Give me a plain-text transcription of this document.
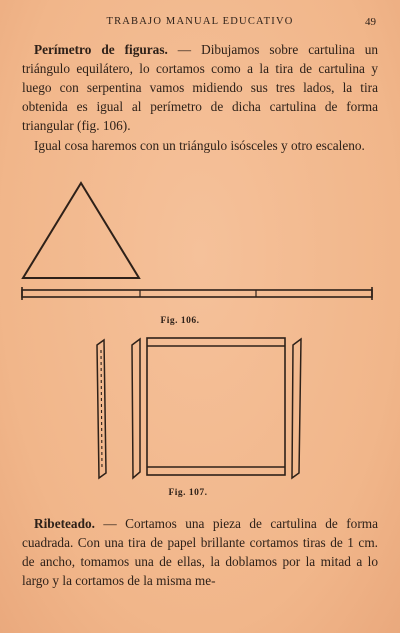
TRABAJO MANUAL EDUCATIVO	49
Perímetro de figuras. — Dibujamos sobre cartulina un triángulo equilátero, lo cortamos como a la tira de cartulina y luego con serpentina vamos midiendo sus tres lados, la tira obtenida es igual al perímetro de dicha cartulina de forma triangular (fig. 106).
Igual cosa haremos con un triángulo isósceles y otro escaleno.
Fig. 106.
Fig. 107.
Ribeteado. — Cortamos una pieza de cartulina de forma cuadrada. Con una tira de papel brillante cortamos tiras de 1 cm. de ancho, tomamos una de ellas, la doblamos por la mitad a lo largo y la cortamos de la misma me-
